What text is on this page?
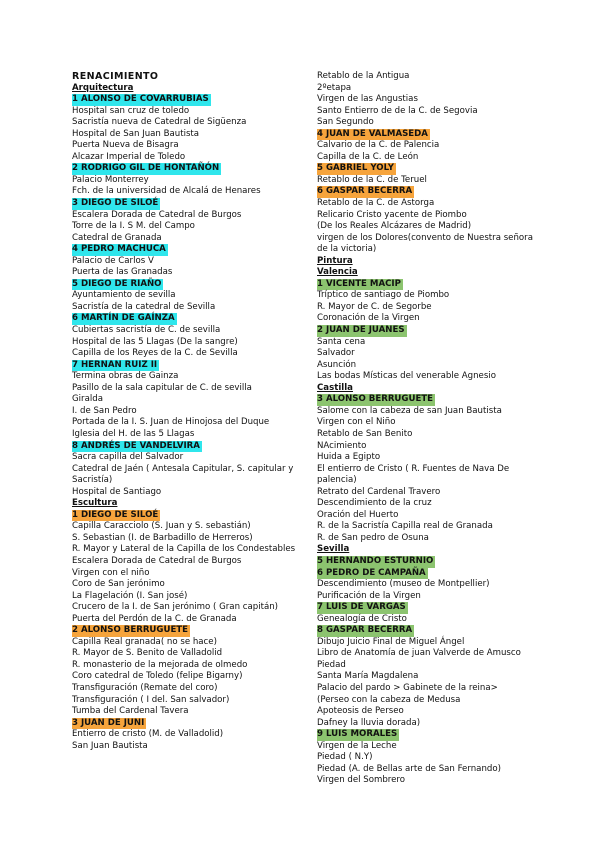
RENACIMIENTO
Arquitectura
1 ALONSO DE COVARRUBIAS
Hospital san cruz de toledo
Sacristía nueva de Catedral de Sigüenza
Hospital de San Juan Bautista
Puerta Nueva de Bisagra
Alcazar Imperial de Toledo
2 RODRIGO GIL DE HONTAÑÓN
Palacio Monterrey
Fch. de la universidad de Alcalá de Henares
3 DIEGO DE SILOÉ
Escalera Dorada de Catedral de Burgos
Torre de la I. S M. del Campo
Catedral de Granada
4 PEDRO MACHUCA
Palacio de Carlos V
Puerta de las Granadas
5 DIEGO DE RIAÑO
Ayuntamiento de sevilla
Sacristía de la catedral de Sevilla
6 MARTÍN DE GAÍNZA
Cubiertas sacristía de C. de sevilla
Hospital de las 5 Llagas (De la sangre)
Capilla de los Reyes de la C. de Sevilla
7 HERNAN RUIZ II
Termina obras de Gainza
Pasillo de la sala capitular de C. de sevilla
Giralda
I. de San Pedro
Portada de la I. S. Juan de Hinojosa del Duque
Iglesia del H. de las 5 Llagas
8 ANDRÉS DE VANDELVIRA
Sacra capilla del Salvador
Catedral de Jaén ( Antesala Capitular, S. capitular y Sacristía)
Hospital de Santiago
Escultura
1 DIEGO DE SILOÉ
Capilla Caracciolo (S. Juan y S. sebastián)
S. Sebastian (I. de Barbadillo de Herreros)
R. Mayor y Lateral de la Capilla de los Condestables
Escalera Dorada de Catedral de Burgos
Virgen con el niño
Coro de San jerónimo
La Flagelación (I. San josé)
Crucero de la I. de San jerónimo ( Gran capitán)
Puerta del Perdón de la C. de Granada
2 ALONSO BERRUGUETE
Capilla Real granada( no se hace)
R. Mayor de S. Benito de Valladolid
R. monasterio de la mejorada de olmedo
Coro catedral de Toledo (felipe Bigarny)
Transfiguración (Remate del coro)
Transfiguración ( I del. San salvador)
Tumba del Cardenal Tavera
3 JUAN DE JUNI
Entierro de cristo (M. de Valladolid)
San Juan Bautista
Retablo de la Antigua
2ºetapa
Virgen de las Angustias
Santo Entierro de de la C. de Segovia
San Segundo
4 JUAN DE VALMASEDA
Calvario de la C. de Palencia
Capilla de la C. de León
5 GABRIEL YOLY
Retablo de la C. de Teruel
6 GASPAR BECERRA
Retablo de la C. de Astorga
Relicario Cristo yacente de Piombo
(De los Reales Alcázares de Madrid)
virgen de los Dolores(convento de Nuestra señora de la victoria)
Pintura
Valencia
1 VICENTE MACIP
Tríptico de santiago de Piombo
R. Mayor de C. de Segorbe
Coronación de la Virgen
2 JUAN DE JUANES
Santa cena
Salvador
Asunción
Las bodas Místicas del venerable Agnesio
Castilla
3 ALONSO BERRUGUETE
Salome con la cabeza de san Juan Bautista
Virgen con el Niño
Retablo de San Benito
NAcimiento
Huida a Egipto
El entierro de Cristo ( R. Fuentes de Nava De palencia)
Retrato del Cardenal Travero
Descendimiento de la cruz
Oración del Huerto
R. de la Sacristía Capilla real de Granada
R. de San pedro de Osuna
Sevilla
5 HERNANDO ESTURNIO
6 PEDRO DE CAMPAÑA
Descendimiento (museo de Montpellier)
Purificación de la Virgen
7 LUIS DE VARGAS
Genealogía de Cristo
8 GASPAR BECERRA
Dibujo Juicio Final de Miguel Ángel
Libro de Anatomía de juan Valverde de Amusco
Piedad
Santa María Magdalena
Palacio del pardo > Gabinete de la reina>
(Perseo con la cabeza de Medusa
Apoteosis de Perseo
Dafney la lluvia dorada)
9 LUIS MORALES
Virgen de la Leche
Piedad ( N.Y)
Piedad (A. de Bellas arte de San Fernando)
Virgen del Sombrero
